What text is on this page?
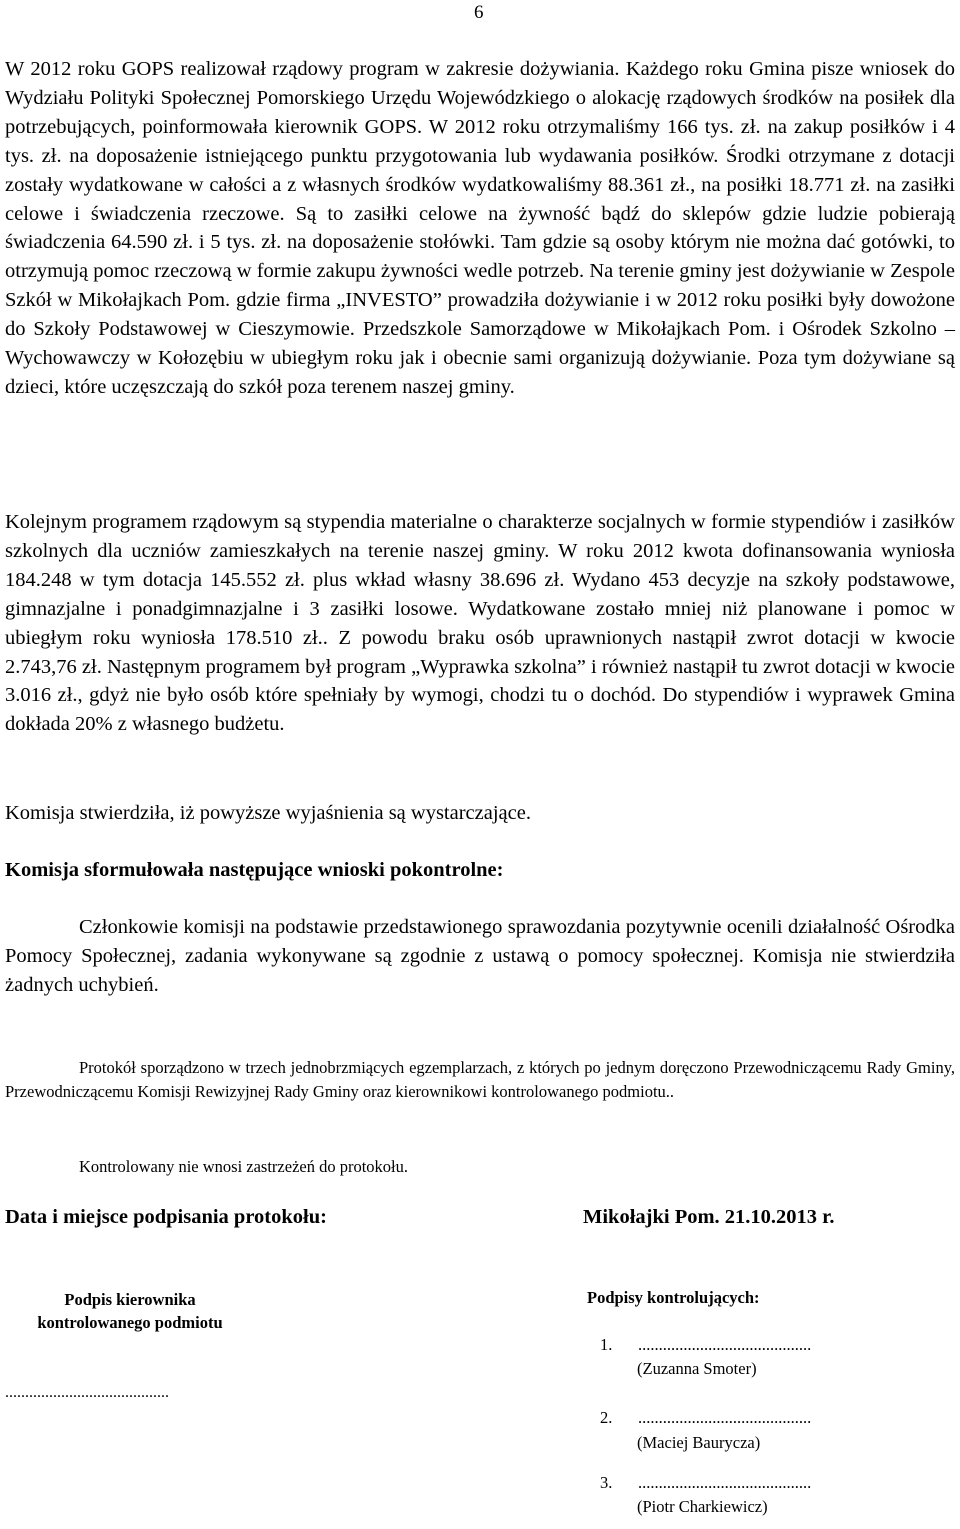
6

W 2012 roku GOPS realizował rządowy program w zakresie dożywiania. Każdego roku Gmina pisze wniosek do Wydziału Polityki Społecznej Pomorskiego Urzędu Wojewódzkiego o alokację rządowych środków na posiłek dla potrzebujących, poinformowała kierownik GOPS. W 2012 roku otrzymaliśmy 166 tys. zł. na zakup posiłków i 4 tys. zł. na doposażenie istniejącego punktu przygotowania lub wydawania posiłków. Środki otrzymane z dotacji zostały wydatkowane w całości a z własnych środków wydatkowaliśmy 88.361 zł., na posiłki 18.771 zł. na zasiłki celowe i świadczenia rzeczowe. Są to zasiłki celowe na żywność bądź do sklepów gdzie ludzie pobierają świadczenia 64.590 zł. i 5 tys. zł. na doposażenie stołówki. Tam gdzie są osoby którym nie można dać gotówki, to otrzymują pomoc rzeczową w formie zakupu żywności wedle potrzeb. Na terenie gminy jest dożywianie w Zespole Szkół w Mikołajkach Pom. gdzie firma „INVESTO” prowadziła dożywianie i w 2012 roku posiłki były dowożone do Szkoły Podstawowej w Cieszymowie. Przedszkole Samorządowe w Mikołajkach Pom. i Ośrodek Szkolno –Wychowawczy w Kołozębiu w ubiegłym roku jak i obecnie sami organizują dożywianie. Poza tym dożywiane są dzieci, które uczęszczają do szkół poza terenem naszej gminy.

Kolejnym programem rządowym są stypendia materialne o charakterze socjalnych w formie stypendiów i zasiłków szkolnych dla uczniów zamieszkałych na terenie naszej gminy. W roku 2012 kwota dofinansowania wyniosła 184.248 w tym dotacja 145.552 zł. plus wkład własny 38.696 zł. Wydano 453 decyzje na szkoły podstawowe, gimnazjalne i ponadgimnazjalne i 3 zasiłki losowe. Wydatkowane zostało mniej niż planowane i pomoc w ubiegłym roku wyniosła 178.510 zł.. Z powodu braku osób uprawnionych nastąpił zwrot dotacji w kwocie 2.743,76 zł. Następnym programem był program „Wyprawka szkolna” i również nastąpił tu zwrot dotacji w kwocie 3.016 zł., gdyż nie było osób które spełniały by wymogi, chodzi tu o dochód. Do stypendiów i wyprawek Gmina dokłada 20% z własnego budżetu.

Komisja stwierdziła, iż powyższe wyjaśnienia są wystarczające.

Komisja sformułowała następujące wnioski pokontrolne:

Członkowie komisji na podstawie przedstawionego sprawozdania pozytywnie ocenili działalność Ośrodka Pomocy Społecznej, zadania wykonywane są zgodnie z ustawą o pomocy społecznej. Komisja nie stwierdziła żadnych uchybień.

Protokół sporządzono w trzech jednobrzmiących egzemplarzach, z których po jednym doręczono Przewodniczącemu Rady Gminy, Przewodniczącemu Komisji Rewizyjnej Rady Gminy oraz kierownikowi kontrolowanego podmiotu..

Kontrolowany nie wnosi zastrzeżeń do protokołu.

Data i miejsce podpisania protokołu:	Mikołajki Pom. 21.10.2013 r.
Podpis kierownika
kontrolowanego podmiotu
.........................................
Podpisy kontrolujących:
1. ..........................................
(Zuzanna Smoter)
2. ..........................................
(Maciej Baurycza)
3. ..........................................
(Piotr Charkiewicz)
